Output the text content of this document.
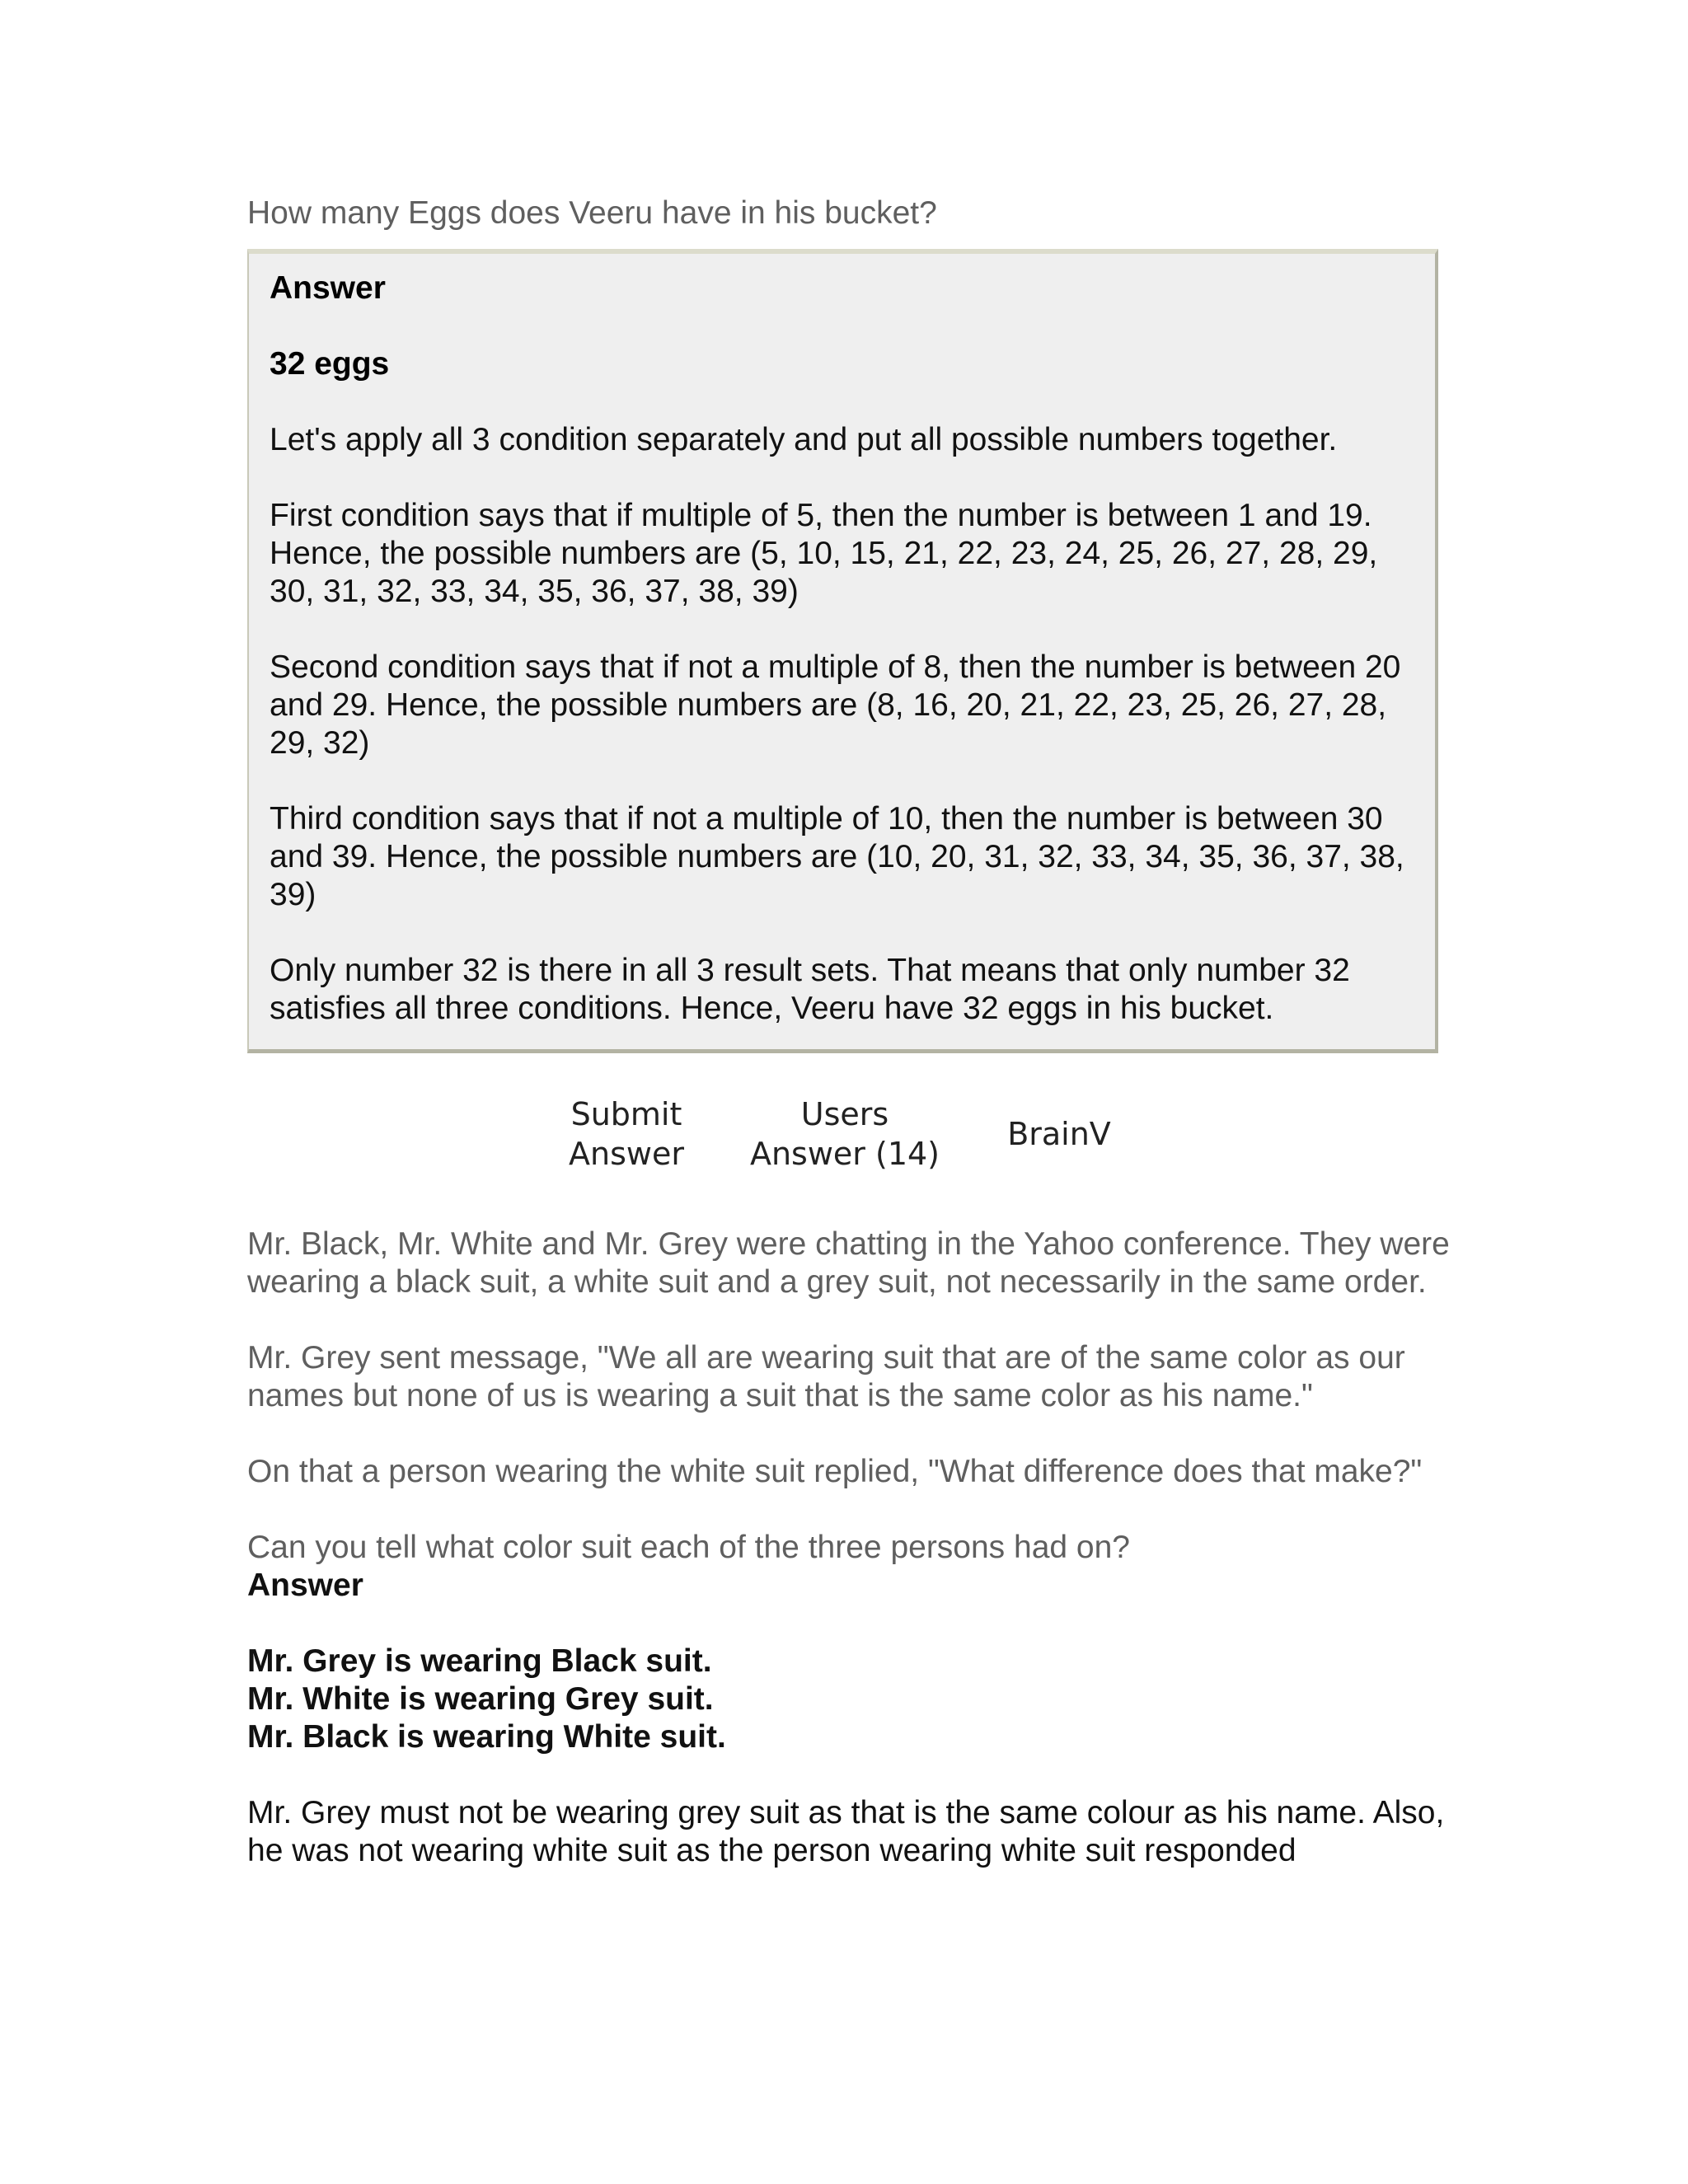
How many Eggs does Veeru have in his bucket?

Answer

32 eggs

Let's apply all 3 condition separately and put all possible numbers together.

First condition says that if multiple of 5, then the number is between 1 and 19. Hence, the possible numbers are (5, 10, 15, 21, 22, 23, 24, 25, 26, 27, 28, 29, 30, 31, 32, 33, 34, 35, 36, 37, 38, 39)

Second condition says that if not a multiple of 8, then the number is between 20 and 29. Hence, the possible numbers are (8, 16, 20, 21, 22, 23, 25, 26, 27, 28, 29, 32)

Third condition says that if not a multiple of 10, then the number is between 30 and 39. Hence, the possible numbers are (10, 20, 31, 32, 33, 34, 35, 36, 37, 38, 39)

Only number 32 is there in all 3 result sets. That means that only number 32 satisfies all three conditions. Hence, Veeru have 32 eggs in his bucket.

Submit
Answer
Users
Answer (14)
BrainV

Mr. Black, Mr. White and Mr. Grey were chatting in the Yahoo conference. They were wearing a black suit, a white suit and a grey suit, not necessarily in the same order.

Mr. Grey sent message, "We all are wearing suit that are of the same color as our names but none of us is wearing a suit that is the same color as his name."

On that a person wearing the white suit replied, "What difference does that make?"

Can you tell what color suit each of the three persons had on?

Answer

Mr. Grey is wearing Black suit.
Mr. White is wearing Grey suit.
Mr. Black is wearing White suit.

Mr. Grey must not be wearing grey suit as that is the same colour as his name. Also, he was not wearing white suit as the person wearing white suit responded
